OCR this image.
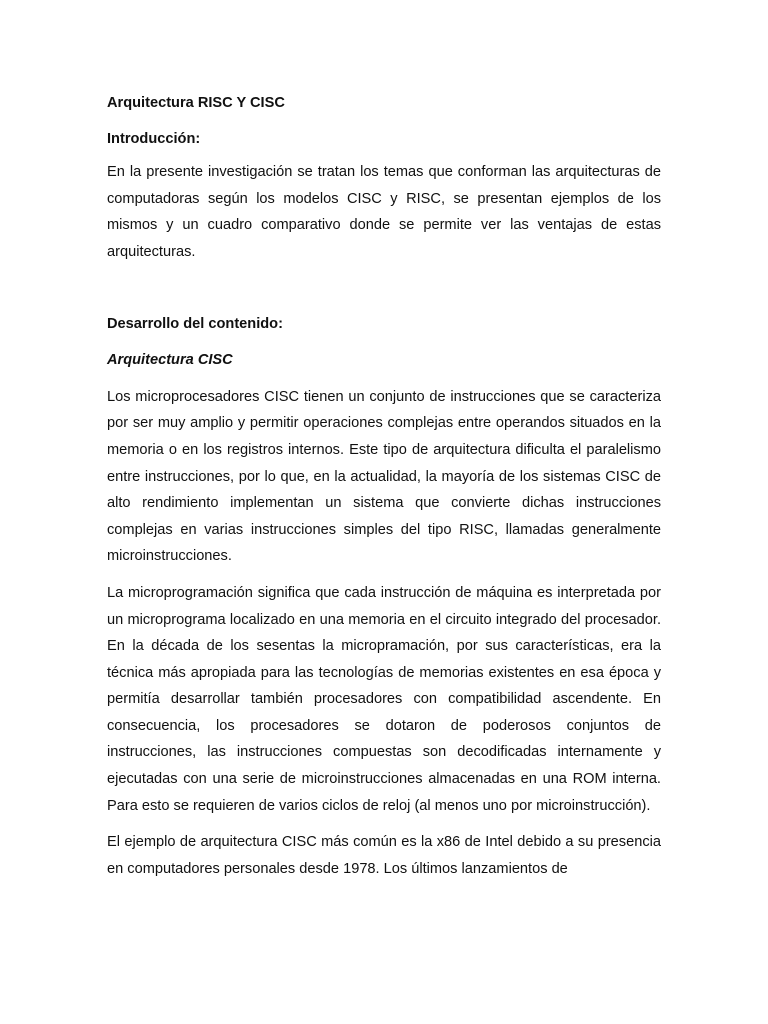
Arquitectura RISC Y CISC

Introducción:

En la presente investigación se tratan los temas que conforman las arquitecturas de computadoras según los modelos CISC y RISC, se presentan ejemplos de los mismos y un cuadro comparativo donde se permite ver las ventajas de estas arquitecturas.

Desarrollo del contenido:

Arquitectura CISC

Los microprocesadores CISC tienen un conjunto de instrucciones que se caracteriza por ser muy amplio y permitir operaciones complejas entre operandos situados en la memoria o en los registros internos. Este tipo de arquitectura dificulta el paralelismo entre instrucciones, por lo que, en la actualidad, la mayoría de los sistemas CISC de alto rendimiento implementan un sistema que convierte dichas instrucciones complejas en varias instrucciones simples del tipo RISC, llamadas generalmente microinstrucciones.

La microprogramación significa que cada instrucción de máquina es interpretada por un microprograma localizado en una memoria en el circuito integrado del procesador. En la década de los sesentas la micropramación, por sus características, era la técnica más apropiada para las tecnologías de memorias existentes en esa época y permitía desarrollar también procesadores con compatibilidad ascendente. En consecuencia, los procesadores se dotaron de poderosos conjuntos de instrucciones, las instrucciones compuestas son decodificadas internamente y ejecutadas con una serie de microinstrucciones almacenadas en una ROM interna. Para esto se requieren de varios ciclos de reloj (al menos uno por microinstrucción).

El ejemplo de arquitectura CISC más común es la x86 de Intel debido a su presencia en computadores personales desde 1978. Los últimos lanzamientos de
